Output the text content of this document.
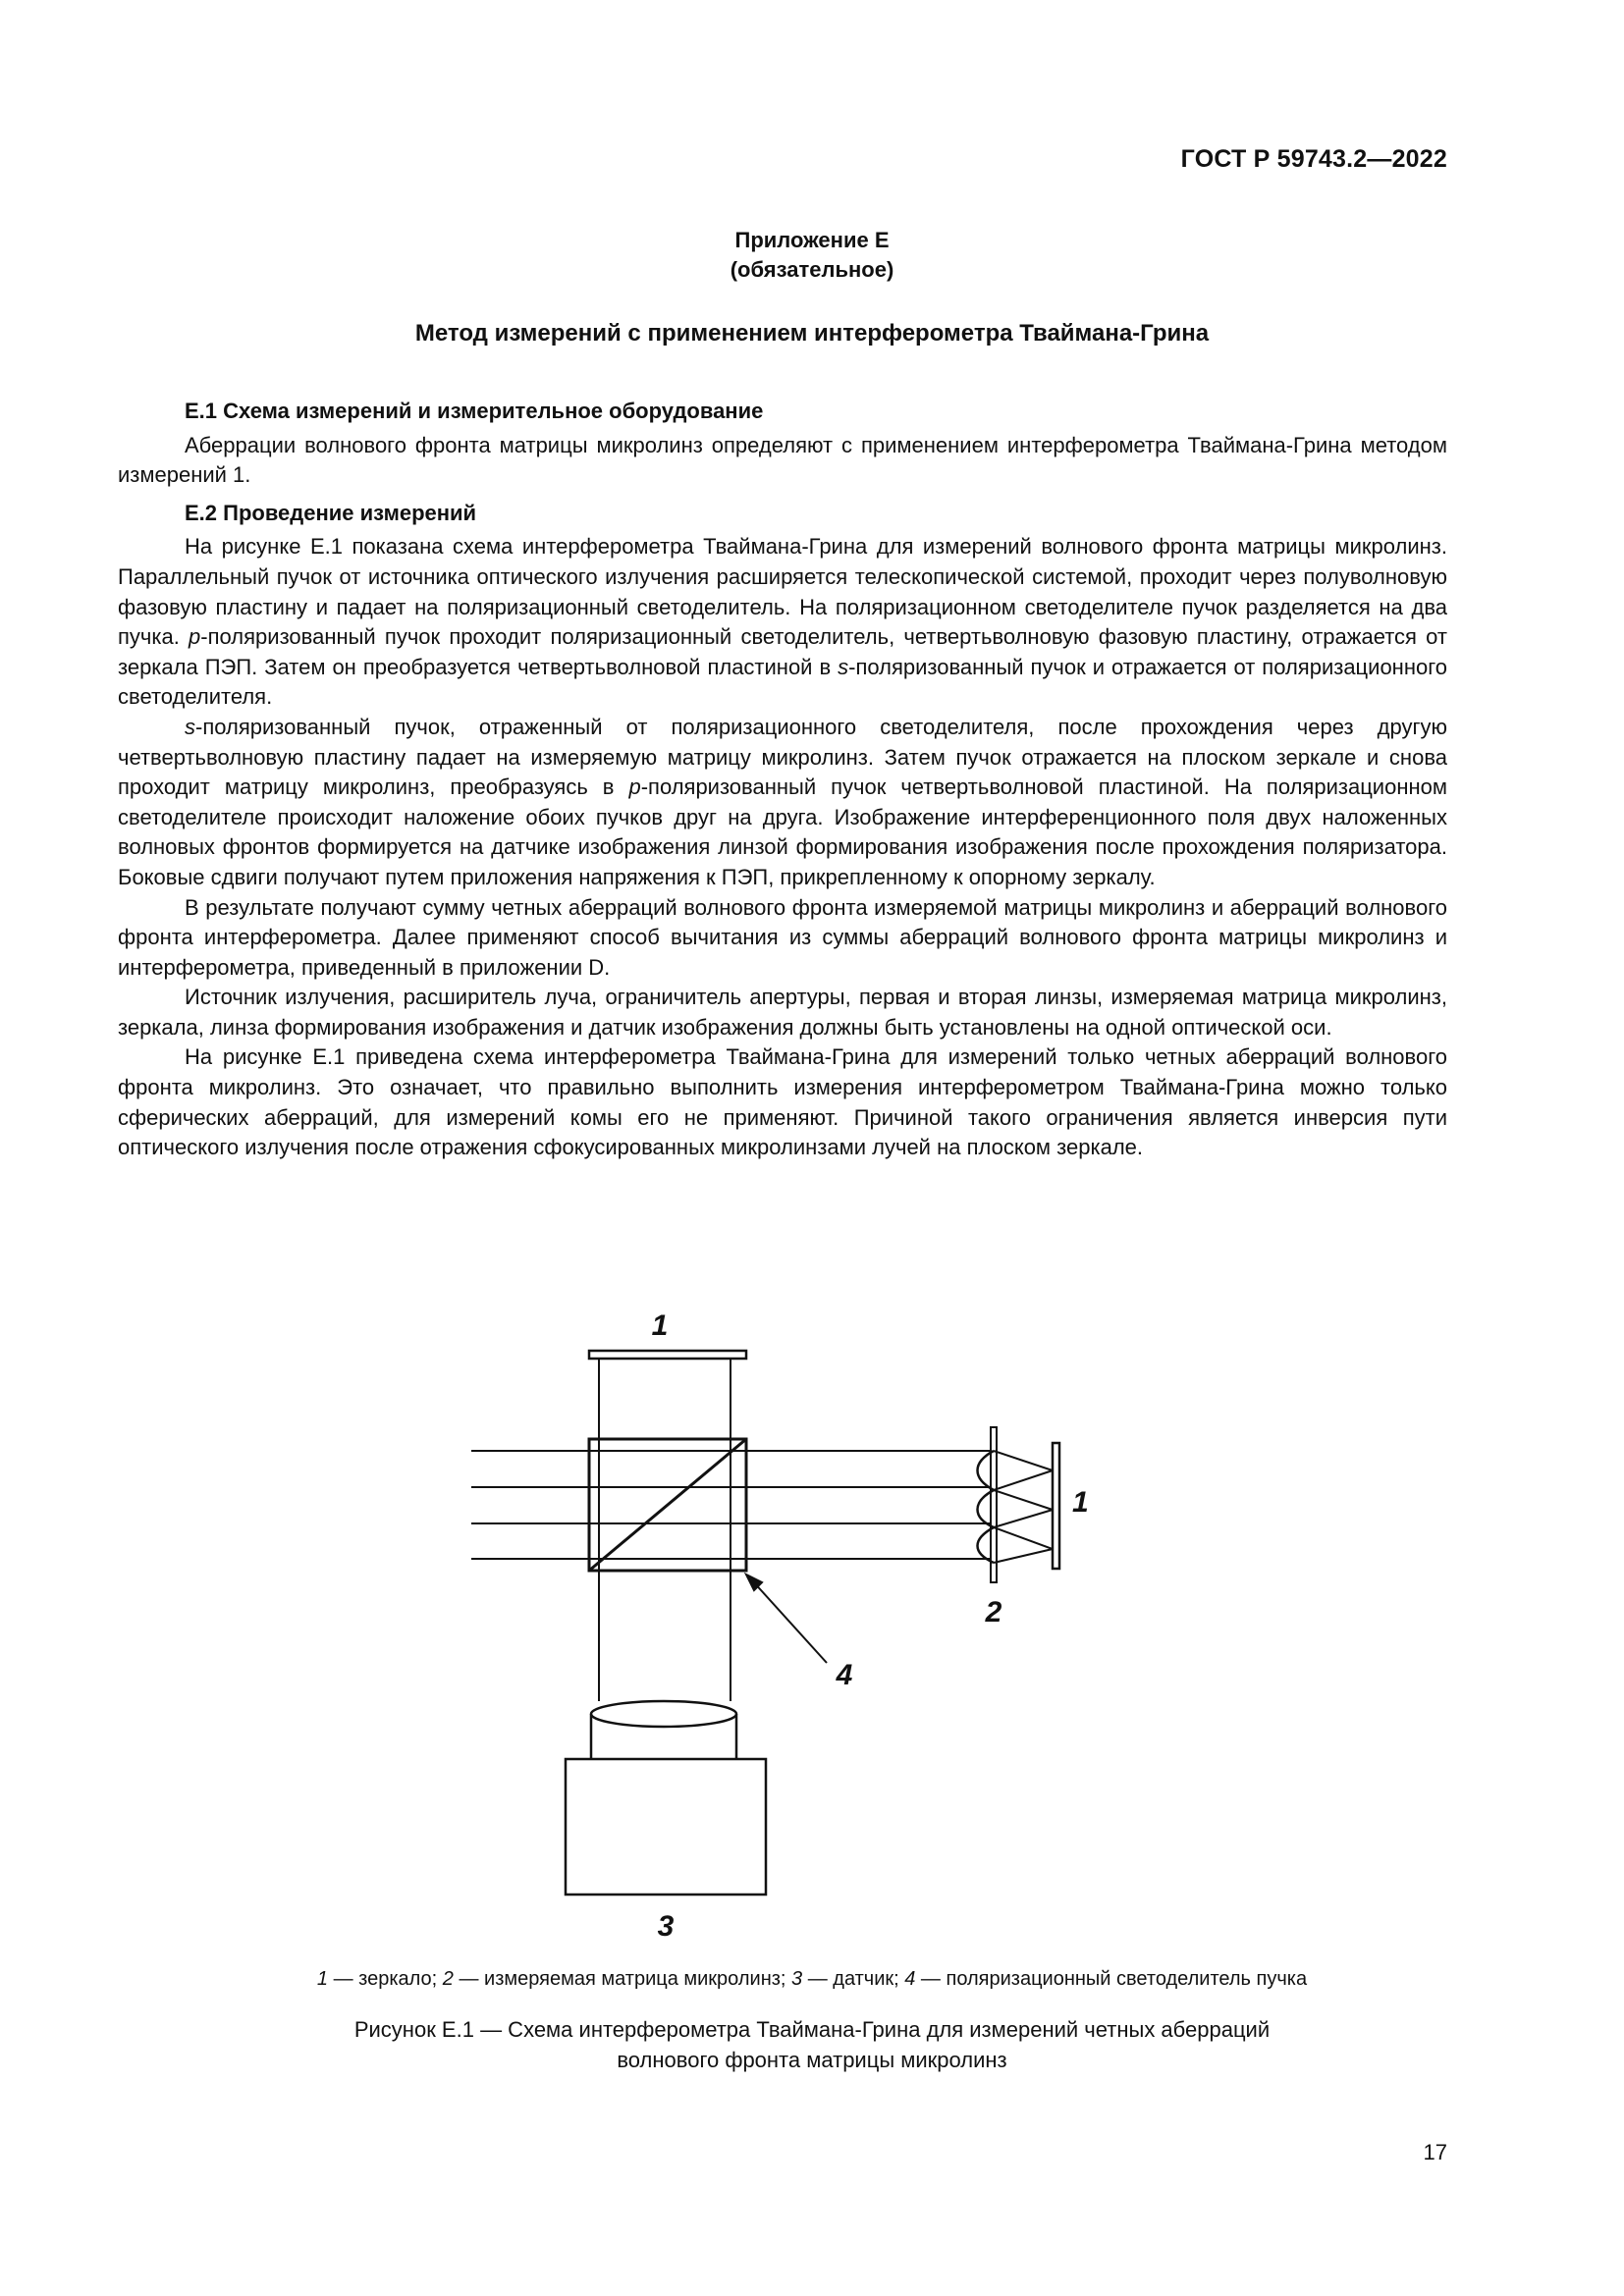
ГОСТ Р 59743.2—2022
Приложение Е
(обязательное)
Метод измерений с применением интерферометра Тваймана-Грина
Е.1 Схема измерений и измерительное оборудование

Аберрации волнового фронта матрицы микролинз определяют с применением интерферометра Тваймана-Грина методом измерений 1.

Е.2 Проведение измерений

На рисунке Е.1 показана схема интерферометра Тваймана-Грина для измерений волнового фронта матрицы микролинз. Параллельный пучок от источника оптического излучения расширяется телескопической системой, проходит через полуволновую фазовую пластину и падает на поляризационный светоделитель. На поляризационном светоделителе пучок разделяется на два пучка. p-поляризованный пучок проходит поляризационный светоделитель, четвертьволновую фазовую пластину, отражается от зеркала ПЭП. Затем он преобразуется четвертьволновой пластиной в s-поляризованный пучок и отражается от поляризационного светоделителя.

s-поляризованный пучок, отраженный от поляризационного светоделителя, после прохождения через другую четвертьволновую пластину падает на измеряемую матрицу микролинз. Затем пучок отражается на плоском зеркале и снова проходит матрицу микролинз, преобразуясь в p-поляризованный пучок четвертьволновой пластиной. На поляризационном светоделителе происходит наложение обоих пучков друг на друга. Изображение интерференционного поля двух наложенных волновых фронтов формируется на датчике изображения линзой формирования изображения после прохождения поляризатора. Боковые сдвиги получают путем приложения напряжения к ПЭП, прикрепленному к опорному зеркалу.

В результате получают сумму четных аберраций волнового фронта измеряемой матрицы микролинз и аберраций волнового фронта интерферометра. Далее применяют способ вычитания из суммы аберраций волнового фронта матрицы микролинз и интерферометра, приведенный в приложении D.

Источник излучения, расширитель луча, ограничитель апертуры, первая и вторая линзы, измеряемая матрица микролинз, зеркала, линза формирования изображения и датчик изображения должны быть установлены на одной оптической оси.

На рисунке Е.1 приведена схема интерферометра Тваймана-Грина для измерений только четных аберраций волнового фронта микролинз. Это означает, что правильно выполнить измерения интерферометром Тваймана-Грина можно только сферических аберраций, для измерений комы его не применяют. Причиной такого ограничения является инверсия пути оптического излучения после отражения сфокусированных микролинзами лучей на плоском зеркале.

1
1
2
3
4
1 — зеркало; 2 — измеряемая матрица микролинз; 3 — датчик; 4 — поляризационный светоделитель пучка
Рисунок Е.1 — Схема интерферометра Тваймана-Грина для измерений четных аберраций
волнового фронта матрицы микролинз
17
